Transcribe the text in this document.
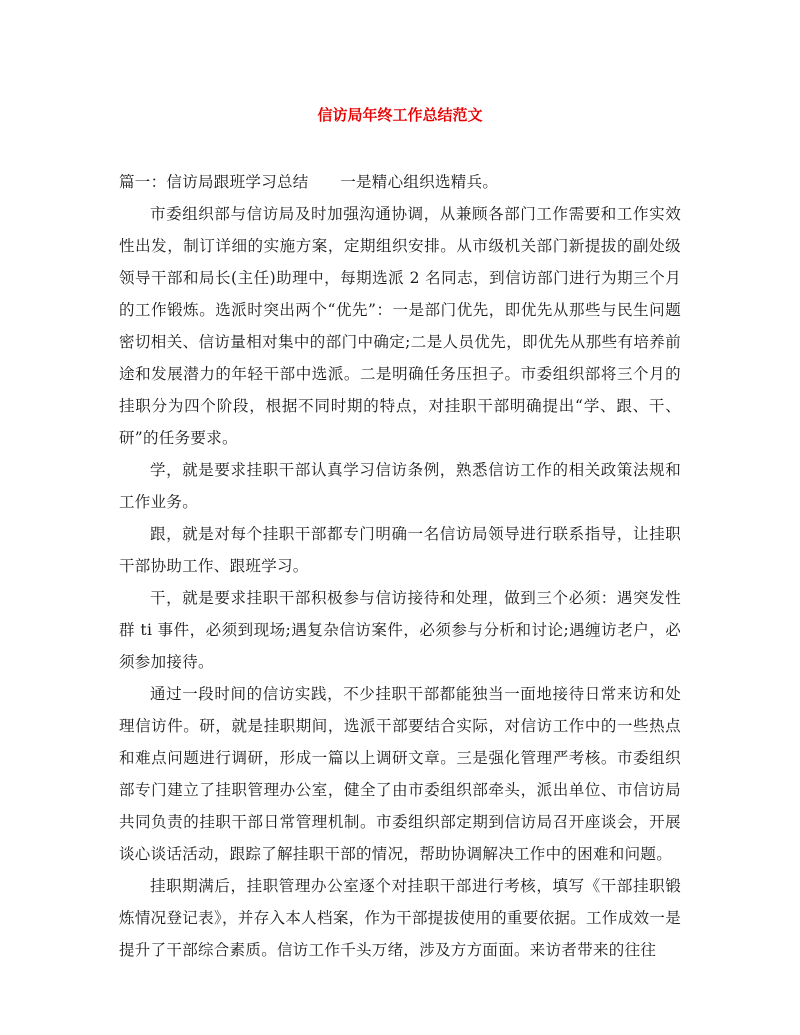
信访局年终工作总结范文

篇一：信访局跟班学习总结　　一是精心组织选精兵。

市委组织部与信访局及时加强沟通协调，从兼顾各部门工作需要和工作实效性出发，制订详细的实施方案，定期组织安排。从市级机关部门新提拔的副处级领导干部和局长(主任)助理中，每期选派 2 名同志，到信访部门进行为期三个月的工作锻炼。选派时突出两个“优先”：一是部门优先，即优先从那些与民生问题密切相关、信访量相对集中的部门中确定;二是人员优先，即优先从那些有培养前途和发展潜力的年轻干部中选派。二是明确任务压担子。市委组织部将三个月的挂职分为四个阶段，根据不同时期的特点，对挂职干部明确提出“学、跟、干、研”的任务要求。

学，就是要求挂职干部认真学习信访条例，熟悉信访工作的相关政策法规和工作业务。

跟，就是对每个挂职干部都专门明确一名信访局领导进行联系指导，让挂职干部协助工作、跟班学习。

干，就是要求挂职干部积极参与信访接待和处理，做到三个必须：遇突发性群 ti 事件，必须到现场;遇复杂信访案件，必须参与分析和讨论;遇缠访老户，必须参加接待。

通过一段时间的信访实践，不少挂职干部都能独当一面地接待日常来访和处理信访件。研，就是挂职期间，选派干部要结合实际，对信访工作中的一些热点和难点问题进行调研，形成一篇以上调研文章。三是强化管理严考核。市委组织部专门建立了挂职管理办公室，健全了由市委组织部牵头，派出单位、市信访局共同负责的挂职干部日常管理机制。市委组织部定期到信访局召开座谈会，开展谈心谈话活动，跟踪了解挂职干部的情况，帮助协调解决工作中的困难和问题。

挂职期满后，挂职管理办公室逐个对挂职干部进行考核，填写《干部挂职锻炼情况登记表》，并存入本人档案，作为干部提拔使用的重要依据。工作成效一是提升了干部综合素质。信访工作千头万绪，涉及方方面面。来访者带来的往往
